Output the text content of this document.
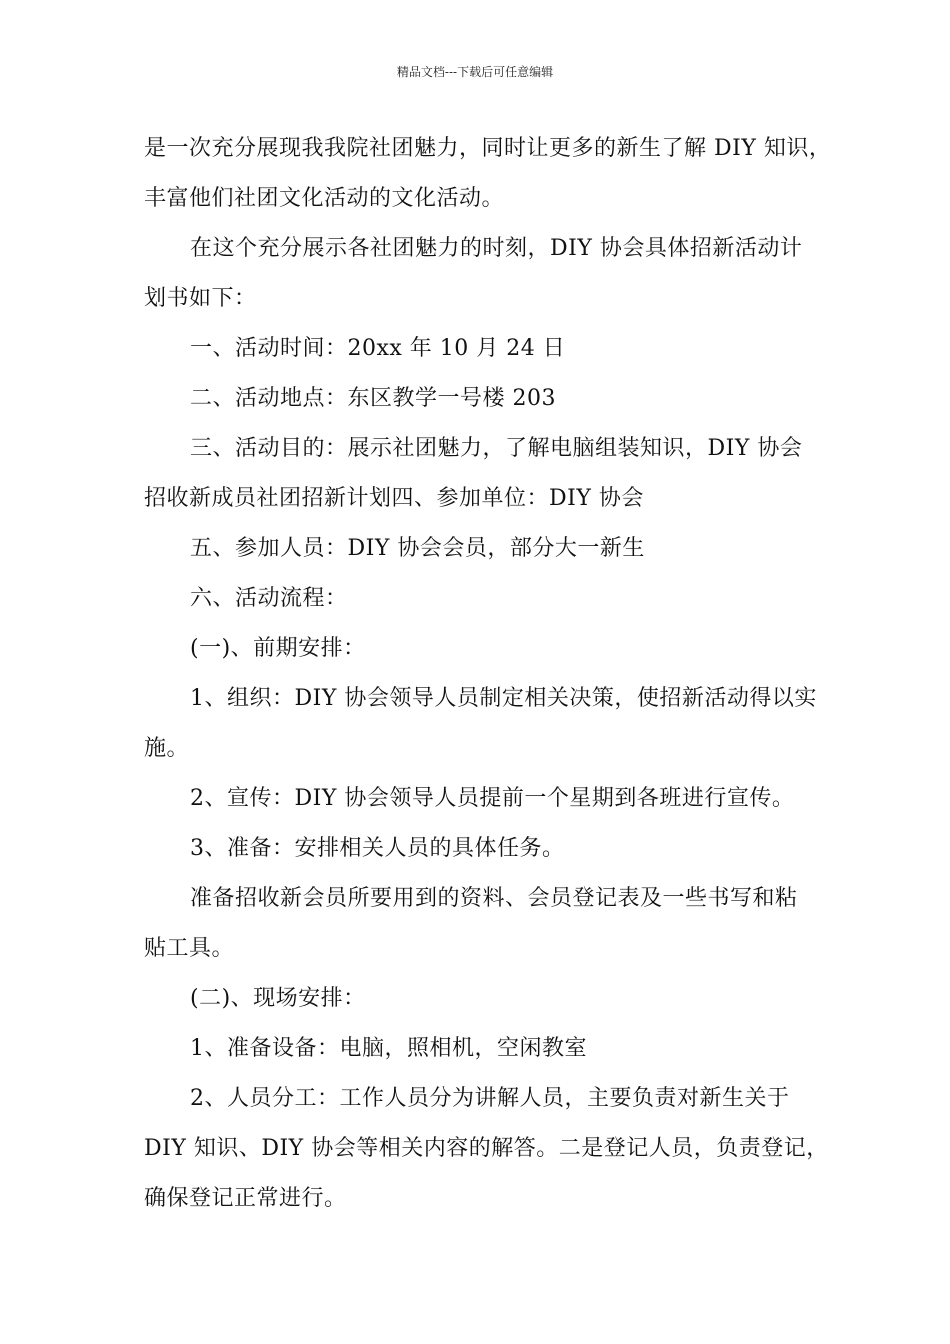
精品文档---下载后可任意编辑
是一次充分展现我我院社团魅力，同时让更多的新生了解 DIY 知识，
丰富他们社团文化活动的文化活动。
在这个充分展示各社团魅力的时刻，DIY 协会具体招新活动计
划书如下：
一、活动时间：20xx 年 10 月 24 日
二、活动地点：东区教学一号楼 203
三、活动目的：展示社团魅力，了解电脑组装知识，DIY 协会
招收新成员社团招新计划四、参加单位：DIY 协会
五、参加人员：DIY 协会会员，部分大一新生
六、活动流程：
(一)、前期安排：
1、组织：DIY 协会领导人员制定相关决策，使招新活动得以实
施。
2、宣传：DIY 协会领导人员提前一个星期到各班进行宣传。
3、准备：安排相关人员的具体任务。
准备招收新会员所要用到的资料、会员登记表及一些书写和粘
贴工具。
(二)、现场安排：
1、准备设备：电脑，照相机，空闲教室
2、人员分工：工作人员分为讲解人员，主要负责对新生关于
DIY 知识、DIY 协会等相关内容的解答。二是登记人员，负责登记，
确保登记正常进行。
